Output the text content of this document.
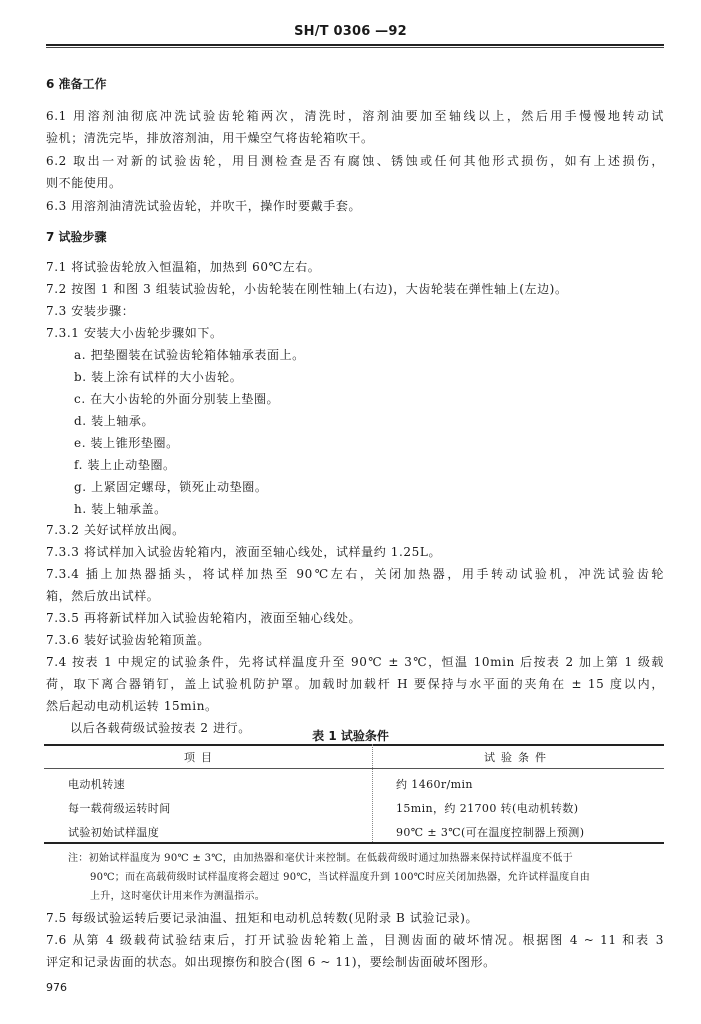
SH/T 0306 —92
6 准备工作
6.1 用溶剂油彻底冲洗试验齿轮箱两次，清洗时，溶剂油要加至轴线以上，然后用手慢慢地转动试
验机；清洗完毕，排放溶剂油，用干燥空气将齿轮箱吹干。
6.2 取出一对新的试验齿轮，用目测检查是否有腐蚀、锈蚀或任何其他形式损伤，如有上述损伤，
则不能使用。
6.3 用溶剂油清洗试验齿轮，并吹干，操作时要戴手套。
7 试验步骤
7.1 将试验齿轮放入恒温箱，加热到 60℃左右。
7.2 按图 1 和图 3 组装试验齿轮，小齿轮装在刚性轴上(右边)，大齿轮装在弹性轴上(左边)。
7.3 安装步骤：
7.3.1 安装大小齿轮步骤如下。
a. 把垫圈装在试验齿轮箱体轴承表面上。
b. 装上涂有试样的大小齿轮。
c. 在大小齿轮的外面分别装上垫圈。
d. 装上轴承。
e. 装上锥形垫圈。
f. 装上止动垫圈。
g. 上紧固定螺母，锁死止动垫圈。
h. 装上轴承盖。
7.3.2 关好试样放出阀。
7.3.3 将试样加入试验齿轮箱内，液面至轴心线处，试样量约 1.25L。
7.3.4 插上加热器插头，将试样加热至 90℃左右，关闭加热器，用手转动试验机，冲洗试验齿轮
箱，然后放出试样。
7.3.5 再将新试样加入试验齿轮箱内，液面至轴心线处。
7.3.6 装好试验齿轮箱顶盖。
7.4 按表 1 中规定的试验条件，先将试样温度升至 90℃ ± 3℃，恒温 10min 后按表 2 加上第 1 级载
荷，取下离合器销钉，盖上试验机防护罩。加载时加载杆 H 要保持与水平面的夹角在 ± 15 度以内，
然后起动电动机运转 15min。
以后各载荷级试验按表 2 进行。
表 1 试验条件
项目	试验条件
电动机转速	约 1460r/min
每一载荷级运转时间	15min，约 21700 转(电动机转数)
试验初始试样温度	90℃ ± 3℃(可在温度控制器上预测)
注：初始试样温度为 90℃ ± 3℃，由加热器和毫伏计来控制。在低载荷级时通过加热器来保持试样温度不低于
90℃；而在高载荷级时试样温度将会超过 90℃，当试样温度升到 100℃时应关闭加热器，允许试样温度自由
上升，这时毫伏计用来作为测温指示。
7.5 每级试验运转后要记录油温、扭矩和电动机总转数(见附录 B 试验记录)。
7.6 从第 4 级载荷试验结束后，打开试验齿轮箱上盖，目测齿面的破坏情况。根据图 4 ~ 11 和表 3
评定和记录齿面的状态。如出现擦伤和胶合(图 6 ~ 11)，要绘制齿面破坏图形。
976
